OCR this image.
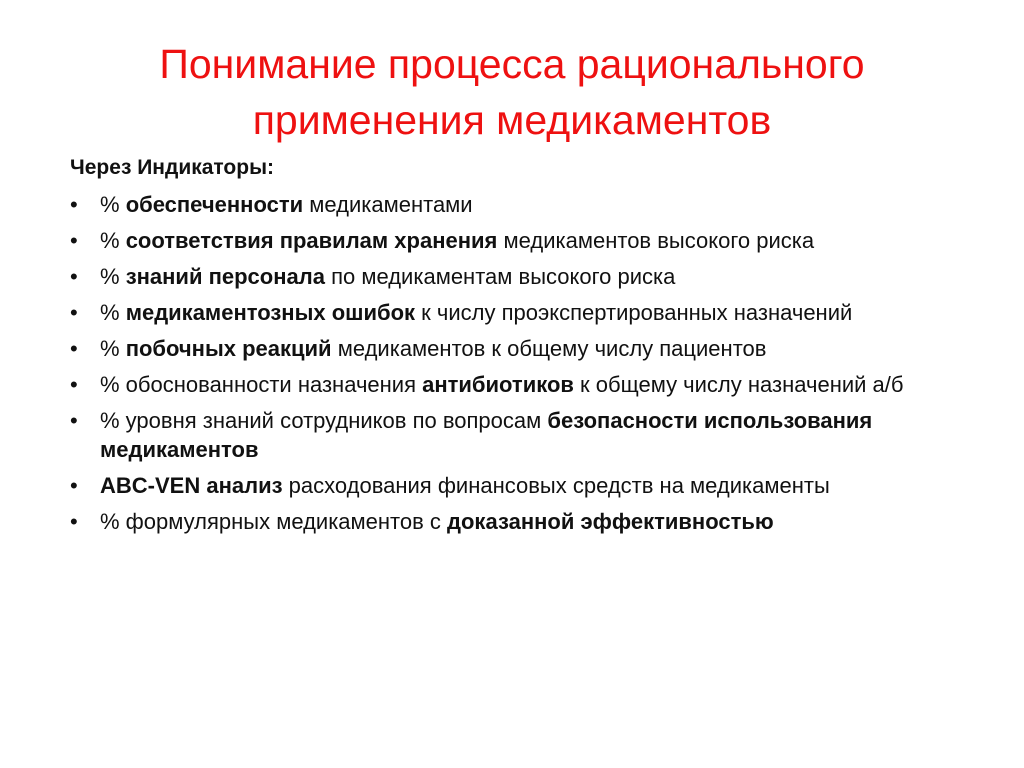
Понимание процесса рационального
применения медикаментов
Через Индикаторы:
• % обеспеченности медикаментами
• % соответствия правилам хранения медикаментов высокого риска
• % знаний персонала по медикаментам высокого риска
• % медикаментозных ошибок к числу проэкспертированных назначений
• % побочных реакций медикаментов к общему числу пациентов
• % обоснованности назначения антибиотиков к общему числу назначений а/б
• % уровня знаний сотрудников по вопросам безопасности использования медикаментов
• ABC-VEN анализ расходования финансовых средств на медикаменты
• % формулярных медикаментов с доказанной эффективностью
